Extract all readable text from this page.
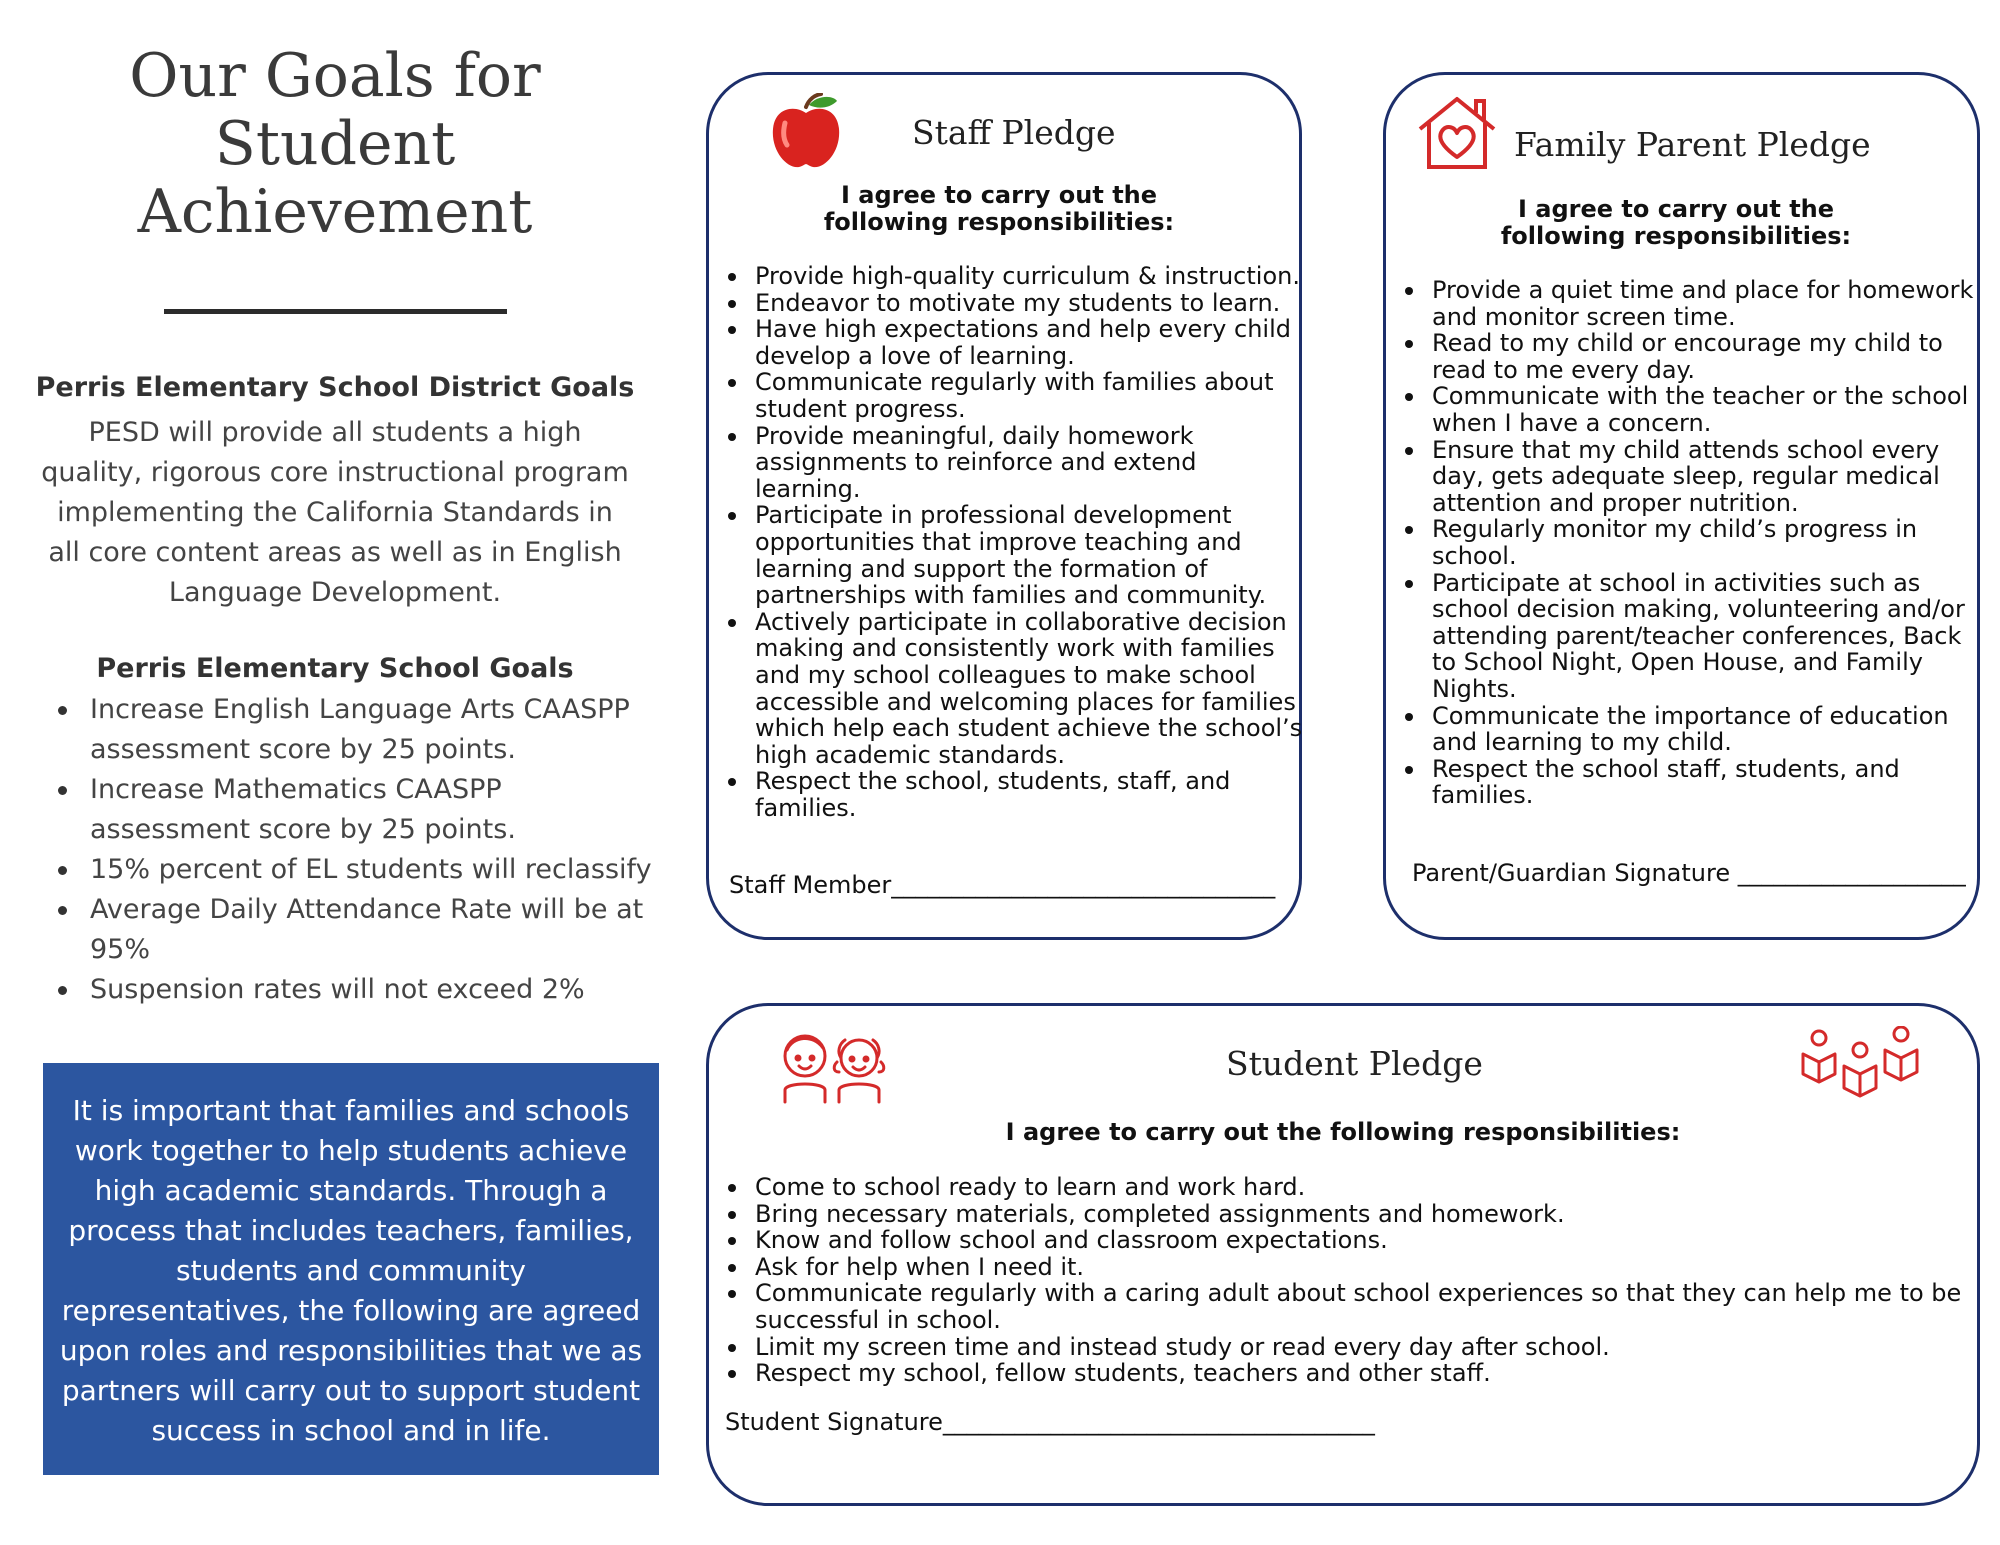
Our Goals for Student Achievement
Perris Elementary School District Goals

PESD will provide all students a high quality, rigorous core instructional program implementing the California Standards in all core content areas as well as in English Language Development.

Perris Elementary School Goals
Increase English Language Arts CAASPP assessment score by 25 points.
Increase Mathematics CAASPP assessment score by 25 points.
15% percent of EL students will reclassify
Average Daily Attendance Rate will be at 95%
Suspension rates will not exceed 2%
It is important that families and schools work together to help students achieve high academic standards. Through a process that includes teachers, families, students and community representatives, the following are agreed upon roles and responsibilities that we as partners will carry out to support student success in school and in life.
Staff Pledge
I agree to carry out the following responsibilities:
Provide high-quality curriculum & instruction.
Endeavor to motivate my students to learn.
Have high expectations and help every child develop a love of learning.
Communicate regularly with families about student progress.
Provide meaningful, daily homework assignments to reinforce and extend learning.
Participate in professional development opportunities that improve teaching and learning and support the formation of partnerships with families and community.
Actively participate in collaborative decision making and consistently work with families and my school colleagues to make school accessible and welcoming places for families which help each student achieve the school’s high academic standards.
Respect the school, students, staff, and families.
Staff Member________________________________
Family Parent Pledge
I agree to carry out the following responsibilities:
Provide a quiet time and place for homework and monitor screen time.
Read to my child or encourage my child to read to me every day.
Communicate with the teacher or the school when I have a concern.
Ensure that my child attends school every day, gets adequate sleep, regular medical attention and proper nutrition.
Regularly monitor my child’s progress in school.
Participate at school in activities such as school decision making, volunteering and/or attending parent/teacher conferences, Back to School Night, Open House, and Family Nights.
Communicate the importance of education and learning to my child.
Respect the school staff, students, and families.
Parent/Guardian Signature ___________________
Student Pledge
I agree to carry out the following responsibilities:
Come to school ready to learn and work hard.
Bring necessary materials, completed assignments and homework.
Know and follow school and classroom expectations.
Ask for help when I need it.
Communicate regularly with a caring adult about school experiences so that they can help me to be successful in school.
Limit my screen time and instead study or read every day after school.
Respect my school, fellow students, teachers and other staff.
Student Signature____________________________________
